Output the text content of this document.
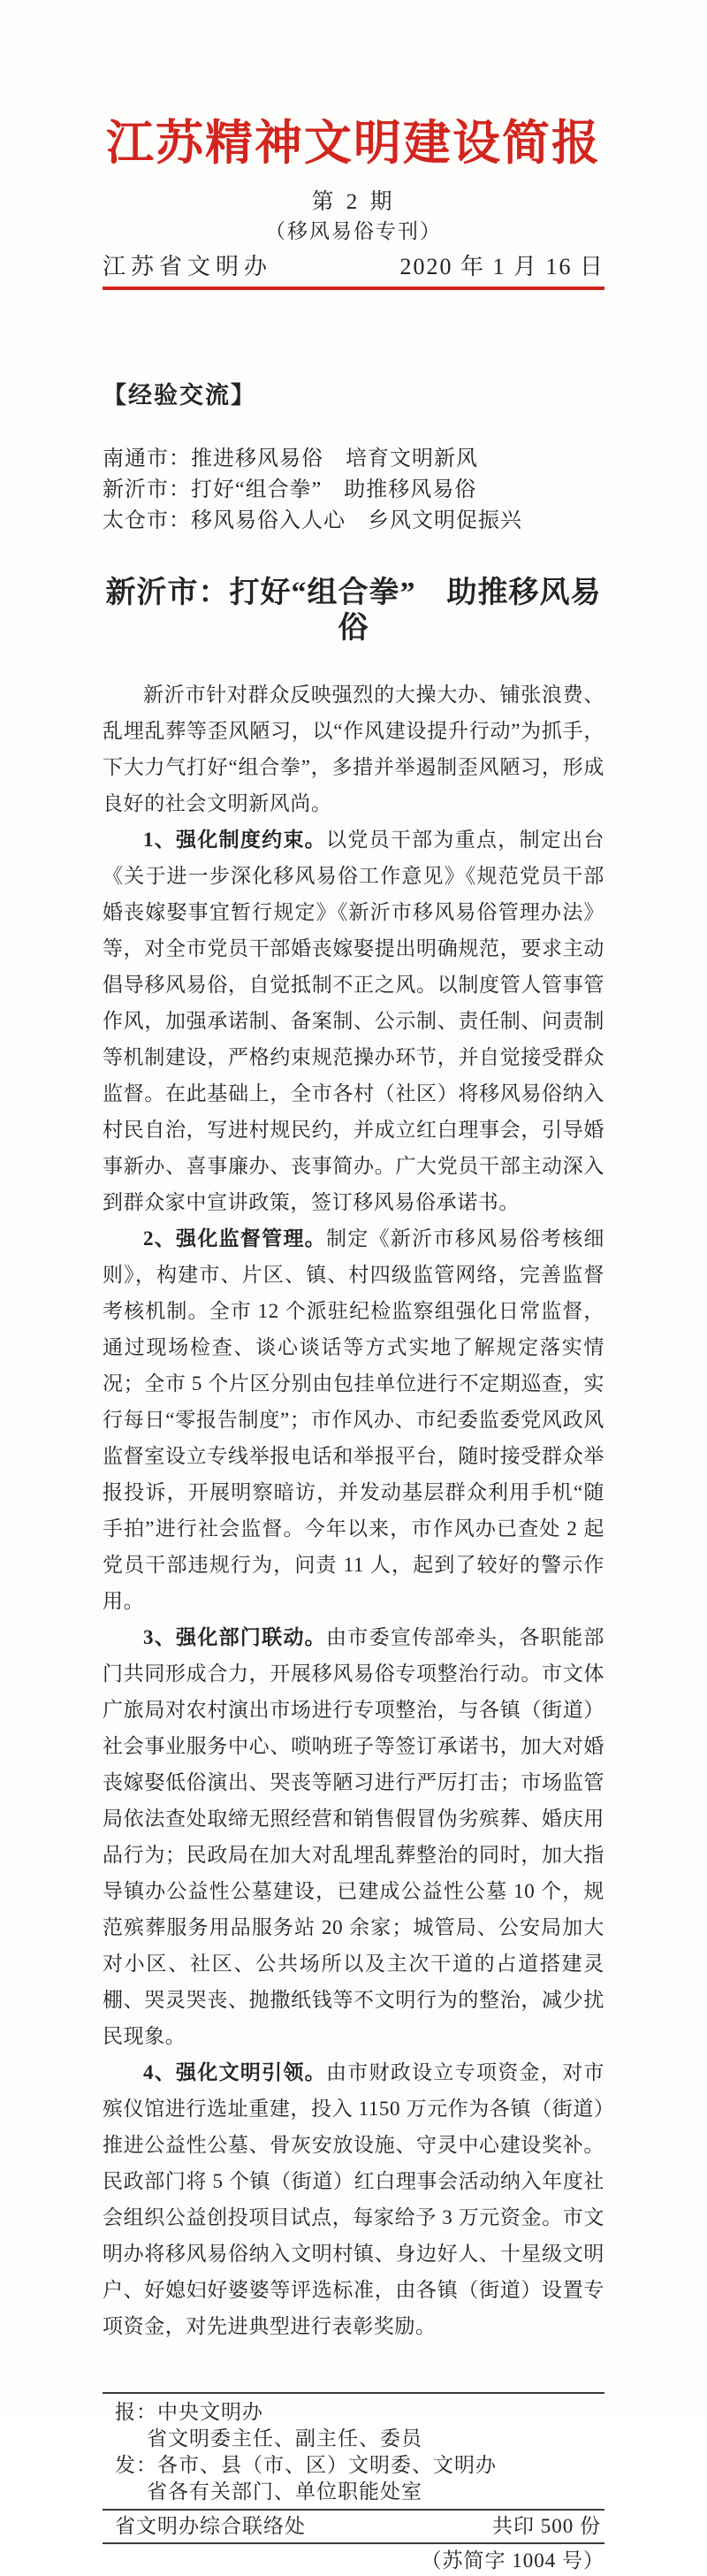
江苏精神文明建设简报
第 2 期
（移风易俗专刊）
江苏省文明办	2020 年 1 月 16 日
【经验交流】
南通市：推进移风易俗　培育文明新风
新沂市：打好“组合拳”　助推移风易俗
太仓市：移风易俗入人心　乡风文明促振兴
新沂市：打好“组合拳”　助推移风易俗

新沂市针对群众反映强烈的大操大办、铺张浪费、乱埋乱葬等歪风陋习，以“作风建设提升行动”为抓手，下大力气打好“组合拳”，多措并举遏制歪风陋习，形成良好的社会文明新风尚。

1、强化制度约束。以党员干部为重点，制定出台《关于进一步深化移风易俗工作意见》《规范党员干部婚丧嫁娶事宜暂行规定》《新沂市移风易俗管理办法》等，对全市党员干部婚丧嫁娶提出明确规范，要求主动倡导移风易俗，自觉抵制不正之风。以制度管人管事管作风，加强承诺制、备案制、公示制、责任制、问责制等机制建设，严格约束规范操办环节，并自觉接受群众监督。在此基础上，全市各村（社区）将移风易俗纳入村民自治，写进村规民约，并成立红白理事会，引导婚事新办、喜事廉办、丧事简办。广大党员干部主动深入到群众家中宣讲政策，签订移风易俗承诺书。

2、强化监督管理。制定《新沂市移风易俗考核细则》，构建市、片区、镇、村四级监管网络，完善监督考核机制。全市 12 个派驻纪检监察组强化日常监督，通过现场检查、谈心谈话等方式实地了解规定落实情况；全市 5 个片区分别由包挂单位进行不定期巡查，实行每日“零报告制度”；市作风办、市纪委监委党风政风监督室设立专线举报电话和举报平台，随时接受群众举报投诉，开展明察暗访，并发动基层群众利用手机“随手拍”进行社会监督。今年以来，市作风办已查处 2 起党员干部违规行为，问责 11 人，起到了较好的警示作用。

3、强化部门联动。由市委宣传部牵头，各职能部门共同形成合力，开展移风易俗专项整治行动。市文体广旅局对农村演出市场进行专项整治，与各镇（街道）社会事业服务中心、唢呐班子等签订承诺书，加大对婚丧嫁娶低俗演出、哭丧等陋习进行严厉打击；市场监管局依法查处取缔无照经营和销售假冒伪劣殡葬、婚庆用品行为；民政局在加大对乱埋乱葬整治的同时，加大指导镇办公益性公墓建设，已建成公益性公墓 10 个，规范殡葬服务用品服务站 20 余家；城管局、公安局加大对小区、社区、公共场所以及主次干道的占道搭建灵棚、哭灵哭丧、抛撒纸钱等不文明行为的整治，减少扰民现象。

4、强化文明引领。由市财政设立专项资金，对市殡仪馆进行选址重建，投入 1150 万元作为各镇（街道）推进公益性公墓、骨灰安放设施、守灵中心建设奖补。民政部门将 5 个镇（街道）红白理事会活动纳入年度社会组织公益创投项目试点，每家给予 3 万元资金。市文明办将移风易俗纳入文明村镇、身边好人、十星级文明户、好媳妇好婆婆等评选标准，由各镇（街道）设置专项资金，对先进典型进行表彰奖励。

报： 中央文明办
省文明委主任、副主任、委员
发： 各市、县（市、区）文明委、文明办
省各有关部门、单位职能处室
省文明办综合联络处	共印 500 份
（苏简字 1004 号）
